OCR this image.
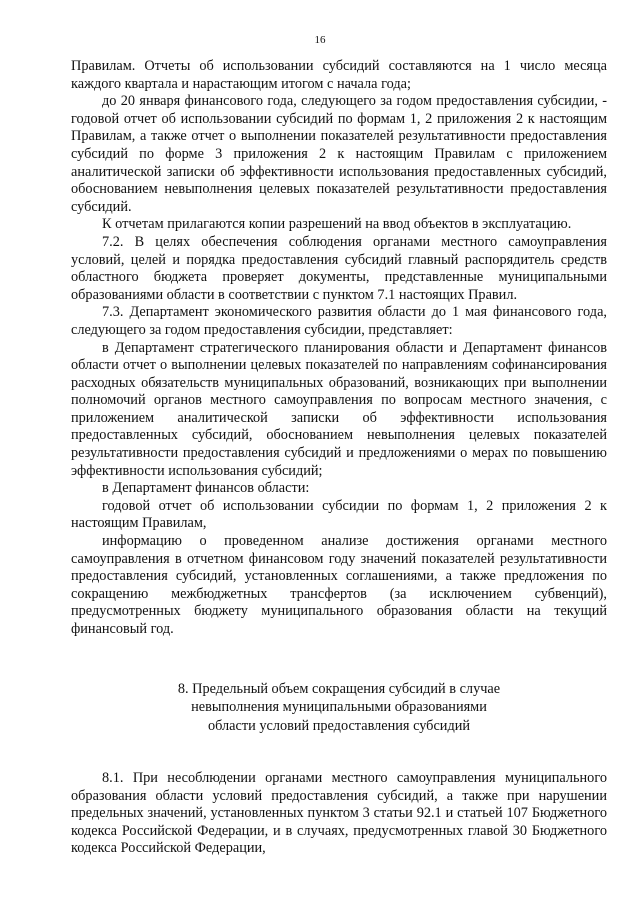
16

Правилам. Отчеты об использовании субсидий составляются на 1 число месяца каждого квартала и нарастающим итогом с начала года;

до 20 января финансового года, следующего за годом предоставления субсидии, - годовой отчет об использовании субсидий по формам 1, 2 приложения 2 к настоящим Правилам, а также отчет о выполнении показателей результативности предоставления субсидий по форме 3 приложения 2 к настоящим Правилам с приложением аналитической записки об эффективности использования предоставленных субсидий, обоснованием невыполнения целевых показателей результативности предоставления субсидий.

К отчетам прилагаются копии разрешений на ввод объектов в эксплуатацию.

7.2. В целях обеспечения соблюдения органами местного самоуправления условий, целей и порядка предоставления субсидий главный распорядитель средств областного бюджета проверяет документы, представленные муниципальными образованиями области в соответствии с пунктом 7.1 настоящих Правил.

7.3. Департамент экономического развития области до 1 мая финансового года, следующего за годом предоставления субсидии, представляет:

в Департамент стратегического планирования области и Департамент финансов области отчет о выполнении целевых показателей по направлениям софинансирования расходных обязательств муниципальных образований, возникающих при выполнении полномочий органов местного самоуправления по вопросам местного значения, с приложением аналитической записки об эффективности использования предоставленных субсидий, обоснованием невыполнения целевых показателей результативности предоставления субсидий и предложениями о мерах по повышению эффективности использования субсидий;

в Департамент финансов области:

годовой отчет об использовании субсидии по формам 1, 2 приложения 2 к настоящим Правилам,

информацию о проведенном анализе достижения органами местного самоуправления в отчетном финансовом году значений показателей результативности предоставления субсидий, установленных соглашениями, а также предложения по сокращению межбюджетных трансфертов (за исключением субвенций), предусмотренных бюджету муниципального образования области на текущий финансовый год.

8. Предельный объем сокращения субсидий в случае
невыполнения муниципальными образованиями
области условий предоставления субсидий

8.1. При несоблюдении органами местного самоуправления муниципального образования области условий предоставления субсидий, а также при нарушении предельных значений, установленных пунктом 3 статьи 92.1 и статьей 107 Бюджетного кодекса Российской Федерации, и в случаях, предусмотренных главой 30 Бюджетного кодекса Российской Федерации,
